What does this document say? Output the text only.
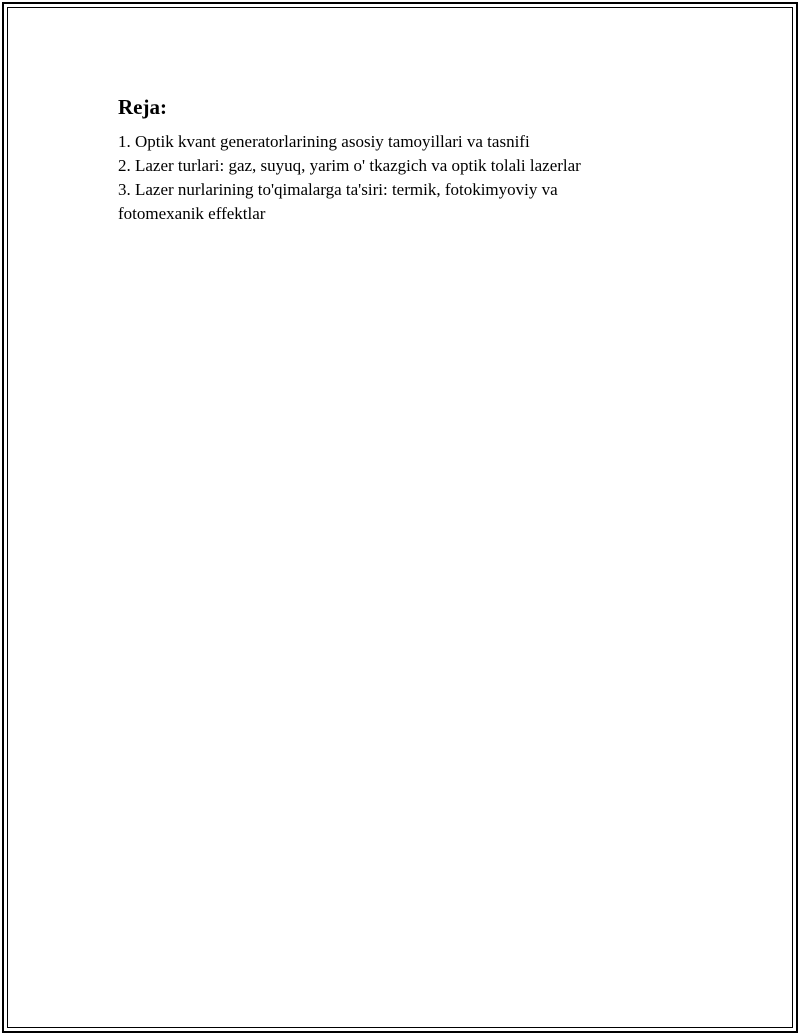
Reja:
1. Optik kvant generatorlarining asosiy tamoyillari va tasnifi
2. Lazer turlari: gaz, suyuq, yarim o' tkazgich va optik tolali lazerlar
3. Lazer nurlarining to'qimalarga ta'siri: termik, fotokimyoviy va fotomexanik effektlar
